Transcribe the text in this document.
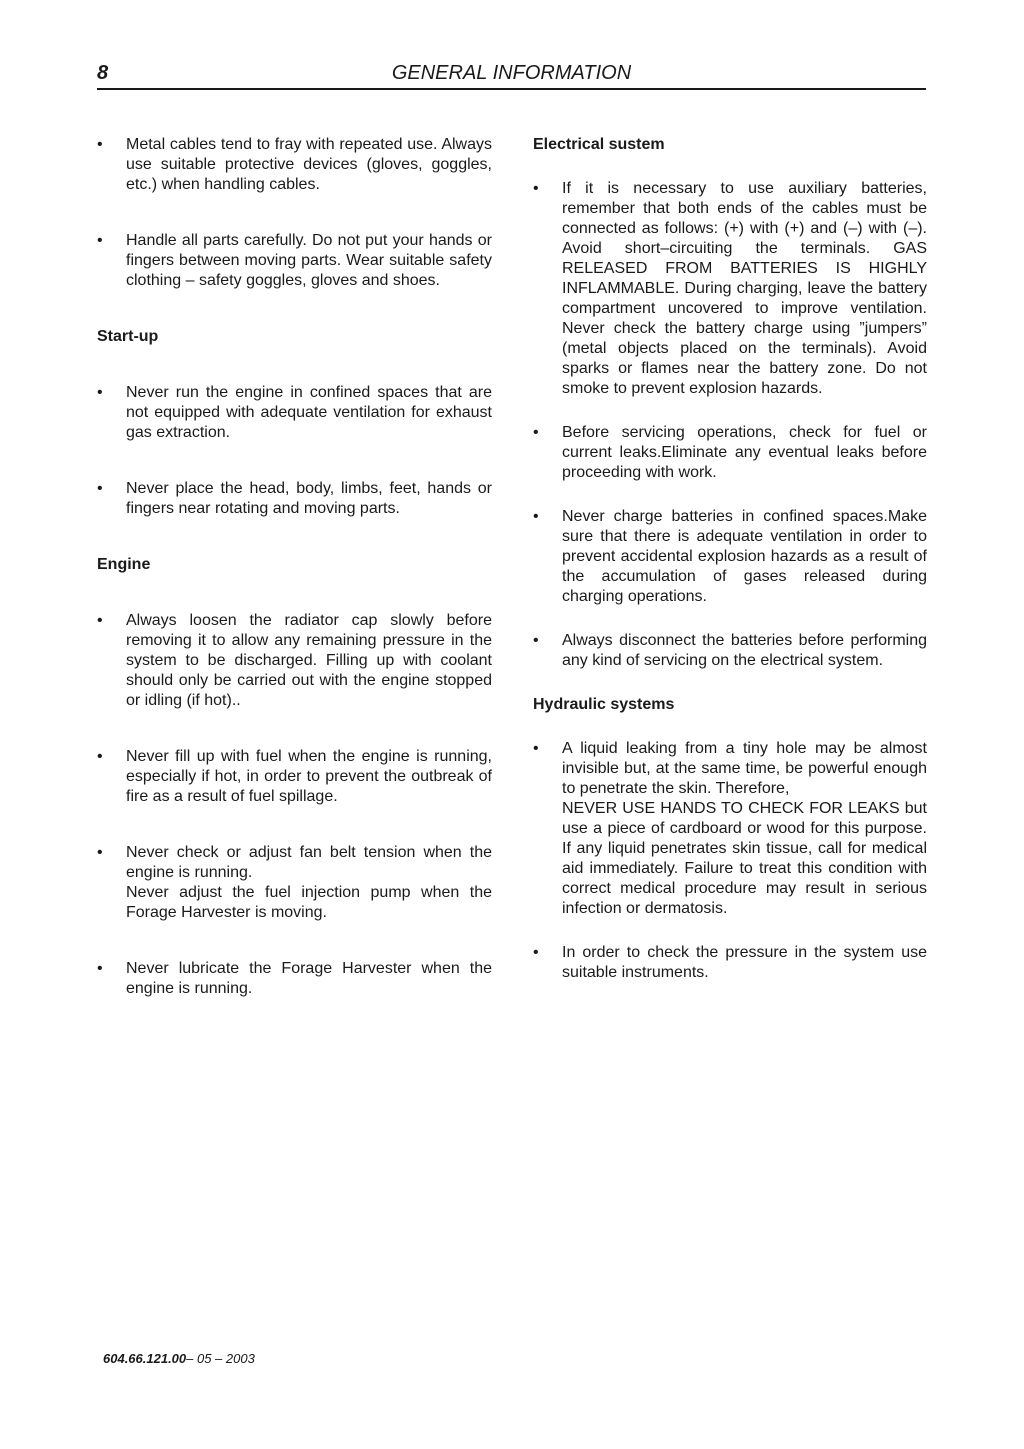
8	GENERAL INFORMATION
• Metal cables tend to fray with repeated use. Always use suitable protective devices (gloves, goggles, etc.) when handling cables.

• Handle all parts carefully. Do not put your hands or fingers between moving parts. Wear suitable safety clothing – safety goggles, gloves and shoes.

Start-up

• Never run the engine in confined spaces that are not equipped with adequate ventilation for exhaust gas extraction.

• Never place the head, body, limbs, feet, hands or fingers near rotating and moving parts.

Engine

• Always loosen the radiator cap slowly before removing it to allow any remaining pressure in the system to be discharged. Filling up with coolant should only be carried out with the engine stopped or idling (if hot)..

• Never fill up with fuel when the engine is running, especially if hot, in order to prevent the outbreak of fire as a result of fuel spillage.

• Never check or adjust fan belt tension when the engine is running.

Never adjust the fuel injection pump when the Forage Harvester is moving.

• Never lubricate the Forage Harvester when the engine is running.

Electrical sustem

• If it is necessary to use auxiliary batteries, remember that both ends of the cables must be connected as follows: (+) with (+) and (–) with (–). Avoid short–circuiting the terminals. GAS RELEASED FROM BATTERIES IS HIGHLY INFLAMMABLE. During charging, leave the battery compartment uncovered to improve ventilation. Never check the battery charge using ”jumpers” (metal objects placed on the terminals). Avoid sparks or flames near the battery zone. Do not smoke to prevent explosion hazards.

• Before servicing operations, check for fuel or current leaks.Eliminate any eventual leaks before proceeding with work.

• Never charge batteries in confined spaces.Make sure that there is adequate ventilation in order to prevent accidental explosion hazards as a result of the accumulation of gases released during charging operations.

• Always disconnect the batteries before performing any kind of servicing on the electrical system.

Hydraulic systems

• A liquid leaking from a tiny hole may be almost invisible but, at the same time, be powerful enough to penetrate the skin. Therefore,

NEVER USE HANDS TO CHECK FOR LEAKS but use a piece of cardboard or wood for this purpose. If any liquid penetrates skin tissue, call for medical aid immediately. Failure to treat this condition with correct medical procedure may result in serious infection or dermatosis.

• In order to check the pressure in the system use suitable instruments.

604.66.121.00– 05 – 2003
